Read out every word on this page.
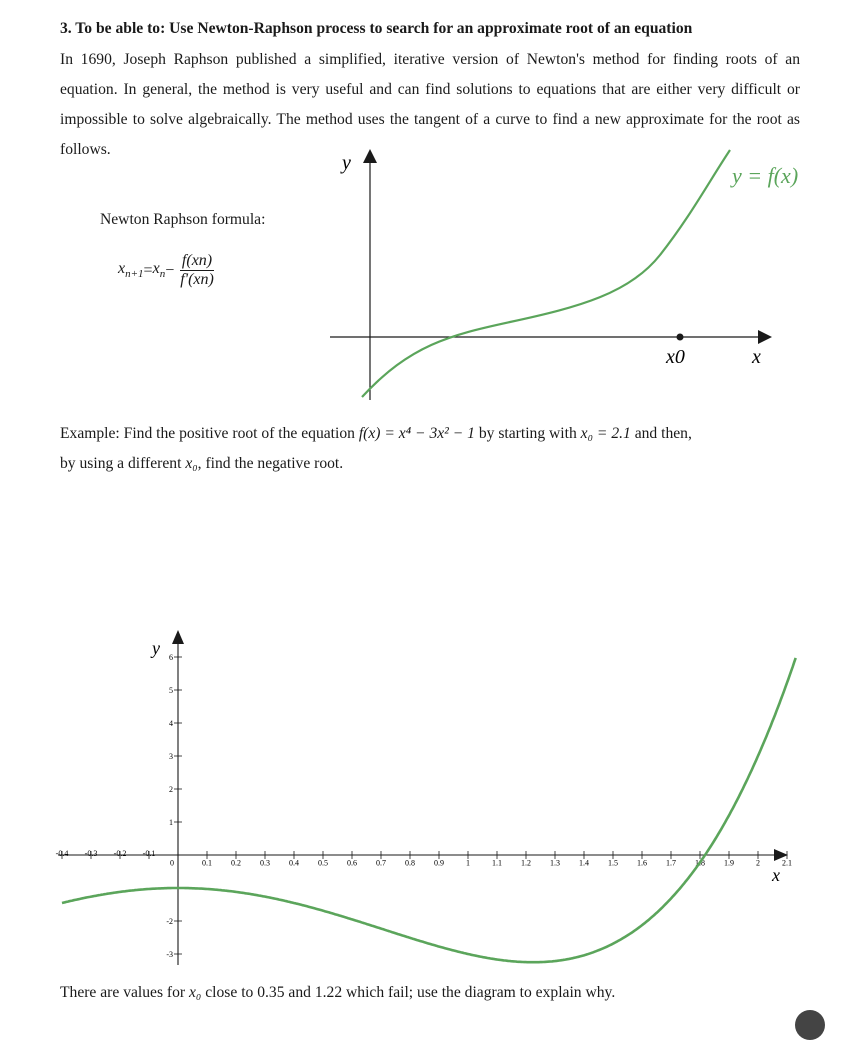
3. To be able to: Use Newton-Raphson process to search for an approximate root of an equation
In 1690, Joseph Raphson published a simplified, iterative version of Newton's method for finding roots of an equation. In general, the method is very useful and can find solutions to equations that are either very difficult or impossible to solve algebraically. The method uses the tangent of a curve to find a new approximate for the root as follows.
Newton Raphson formula:
$x_{n+1} = x_n - \frac{f(xn)}{f'(xn)}$
y
x
x0
y = f(x)
Example: Find the positive root of the equation f(x) = x⁴ − 3x² − 1 by starting with x₀ = 2.1 and then,
by using a different x₀, find the negative root.
-0.4 -0.3 -0.2 -0.1
0	0.1 0.2 0.3 0.4 0.5 0.6 0.7 0.8 0.9	1	1.1 1.2 1.3 1.4 1.5 1.6 1.7 1.8 1.9	2	2.1
6
5
4
3
2
1
-2
-3
y
x
There are values for x₀ close to 0.35 and 1.22 which fail; use the diagram to explain why.
